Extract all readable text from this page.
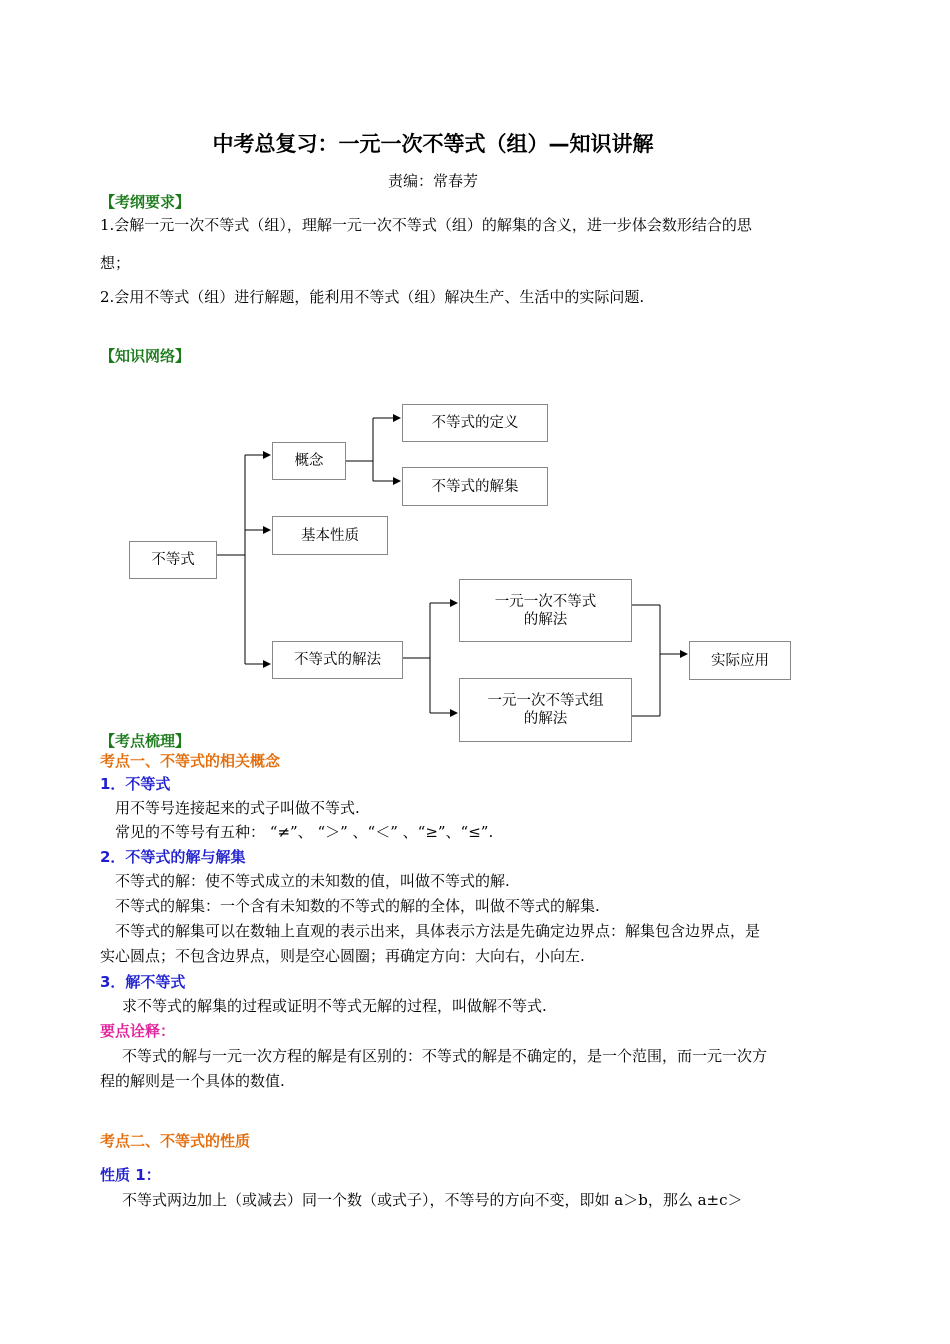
中考总复习：一元一次不等式（组）—知识讲解
责编：常春芳
【考纲要求】
1.会解一元一次不等式（组），理解一元一次不等式（组）的解集的含义，进一步体会数形结合的思
想；
2.会用不等式（组）进行解题，能利用不等式（组）解决生产、生活中的实际问题.
【知识网络】
不等式
概念
不等式的定义
不等式的解集
基本性质
不等式的解法
一元一次不等式
的解法
一元一次不等式组
的解法
实际应用
【考点梳理】
考点一、不等式的相关概念
1．不等式
用不等号连接起来的式子叫做不等式.
常见的不等号有五种： “≠”、 “＞” 、“＜” 、“≥”、“≤”.
2．不等式的解与解集
不等式的解：使不等式成立的未知数的值，叫做不等式的解.
不等式的解集：一个含有未知数的不等式的解的全体，叫做不等式的解集.
不等式的解集可以在数轴上直观的表示出来，具体表示方法是先确定边界点：解集包含边界点，是
实心圆点；不包含边界点，则是空心圆圈；再确定方向：大向右，小向左.
3．解不等式
求不等式的解集的过程或证明不等式无解的过程，叫做解不等式.
要点诠释：
不等式的解与一元一次方程的解是有区别的：不等式的解是不确定的，是一个范围，而一元一次方
程的解则是一个具体的数值.
考点二、不等式的性质
性质 1：
不等式两边加上（或减去）同一个数（或式子），不等号的方向不变，即如 a＞b，那么 a±c＞
